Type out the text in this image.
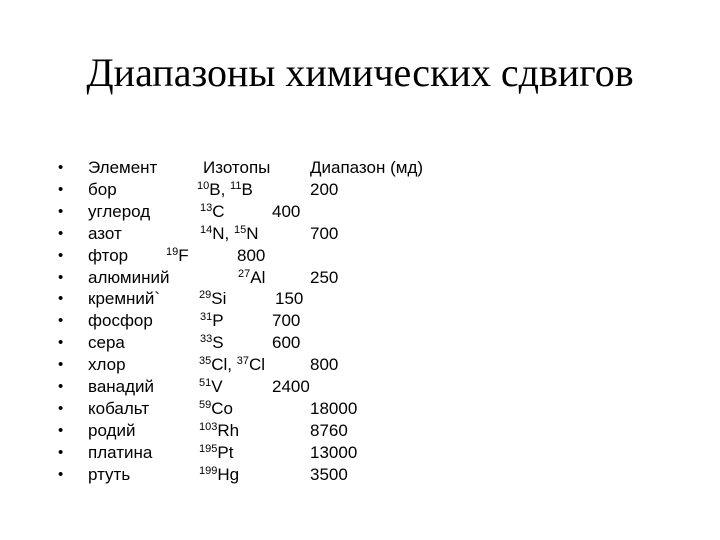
Диапазоны химических сдвигов
• Элемент	Изотопы Диапазон (мд)
• бор	$^{10}$B, $^{11}$B	200
• углерод	$^{13}$C	400
• азот	$^{14}$N, $^{15}$N	700
• фтор	$^{19}$F	800
• алюминий	$^{27}$Al	250
• кремний`	$^{29}$Si	150
• фосфор	$^{31}$P	700
• сера	$^{33}$S	600
• хлор	$^{35}$Cl, $^{37}$Cl	800
• ванадий	$^{51}$V	2400
• кобальт	$^{59}$Co	18000
• родий	$^{103}$Rh	8760
• платина	$^{195}$Pt	13000
• ртуть	$^{199}$Hg	3500
